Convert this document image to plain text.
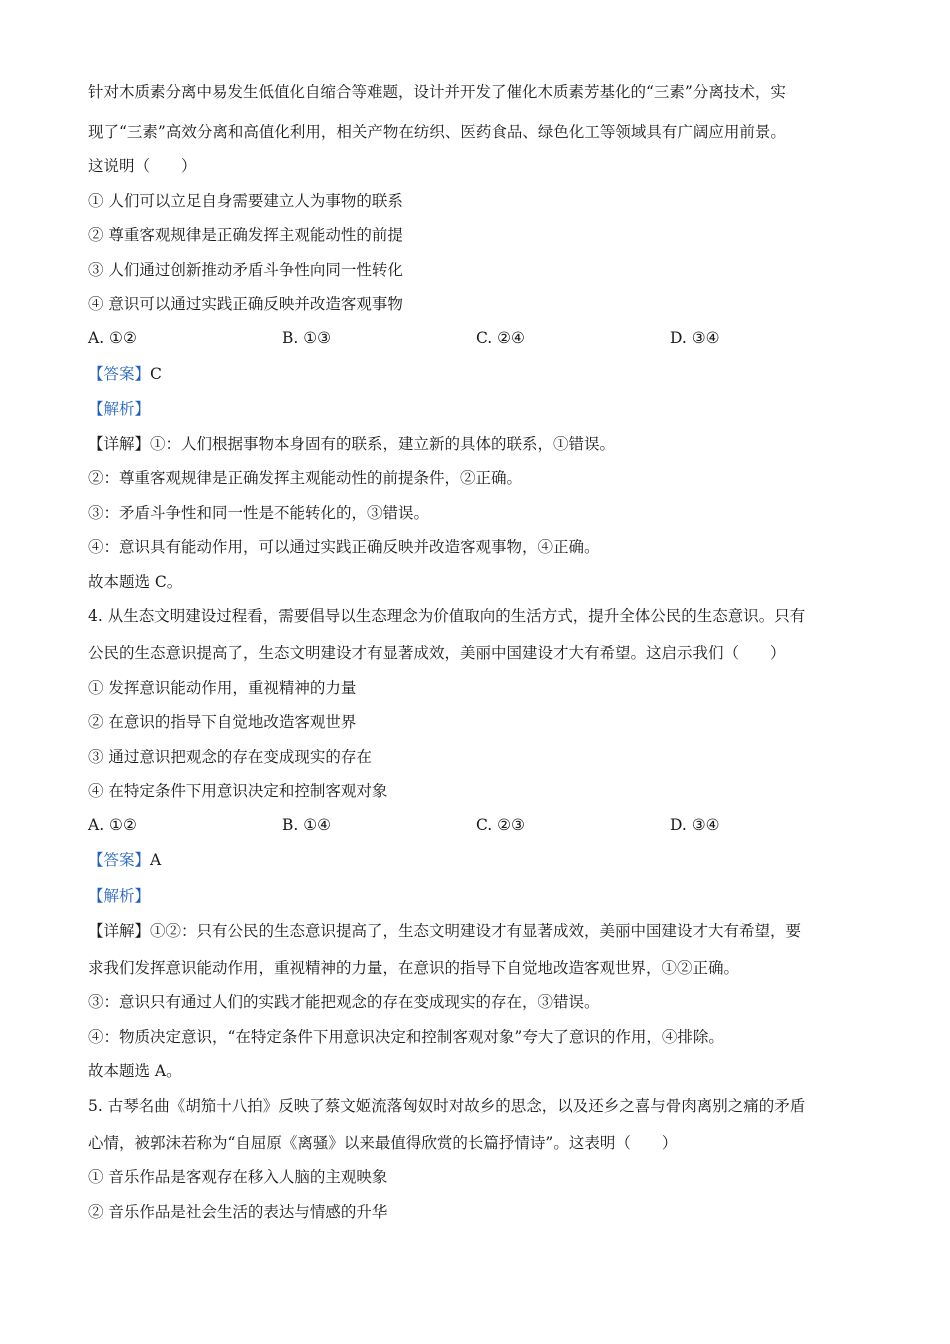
针对木质素分离中易发生低值化自缩合等难题，设计并开发了催化木质素芳基化的“三素”分离技术，实
现了“三素”高效分离和高值化利用，相关产物在纺织、医药食品、绿色化工等领域具有广阔应用前景。
这说明（　　）
① 人们可以立足自身需要建立人为事物的联系
② 尊重客观规律是正确发挥主观能动性的前提
③ 人们通过创新推动矛盾斗争性向同一性转化
④ 意识可以通过实践正确反映并改造客观事物
A. ①②	B. ①③	C. ②④	D. ③④
【答案】C
【解析】
【详解】①：人们根据事物本身固有的联系，建立新的具体的联系，①错误。
②：尊重客观规律是正确发挥主观能动性的前提条件，②正确。
③：矛盾斗争性和同一性是不能转化的，③错误。
④：意识具有能动作用，可以通过实践正确反映并改造客观事物，④正确。
故本题选 C。
4. 从生态文明建设过程看，需要倡导以生态理念为价值取向的生活方式，提升全体公民的生态意识。只有
公民的生态意识提高了，生态文明建设才有显著成效，美丽中国建设才大有希望。这启示我们（　　）
① 发挥意识能动作用，重视精神的力量
② 在意识的指导下自觉地改造客观世界
③ 通过意识把观念的存在变成现实的存在
④ 在特定条件下用意识决定和控制客观对象
A. ①②	B. ①④	C. ②③	D. ③④
【答案】A
【解析】
【详解】①②：只有公民的生态意识提高了，生态文明建设才有显著成效，美丽中国建设才大有希望，要
求我们发挥意识能动作用，重视精神的力量，在意识的指导下自觉地改造客观世界，①②正确。
③：意识只有通过人们的实践才能把观念的存在变成现实的存在，③错误。
④：物质决定意识，“在特定条件下用意识决定和控制客观对象”夸大了意识的作用，④排除。
故本题选 A。
5. 古琴名曲《胡笳十八拍》反映了蔡文姬流落匈奴时对故乡的思念，以及还乡之喜与骨肉离别之痛的矛盾
心情，被郭沫若称为“自屈原《离骚》以来最值得欣赏的长篇抒情诗”。这表明（　　）
① 音乐作品是客观存在移入人脑的主观映象
② 音乐作品是社会生活的表达与情感的升华
